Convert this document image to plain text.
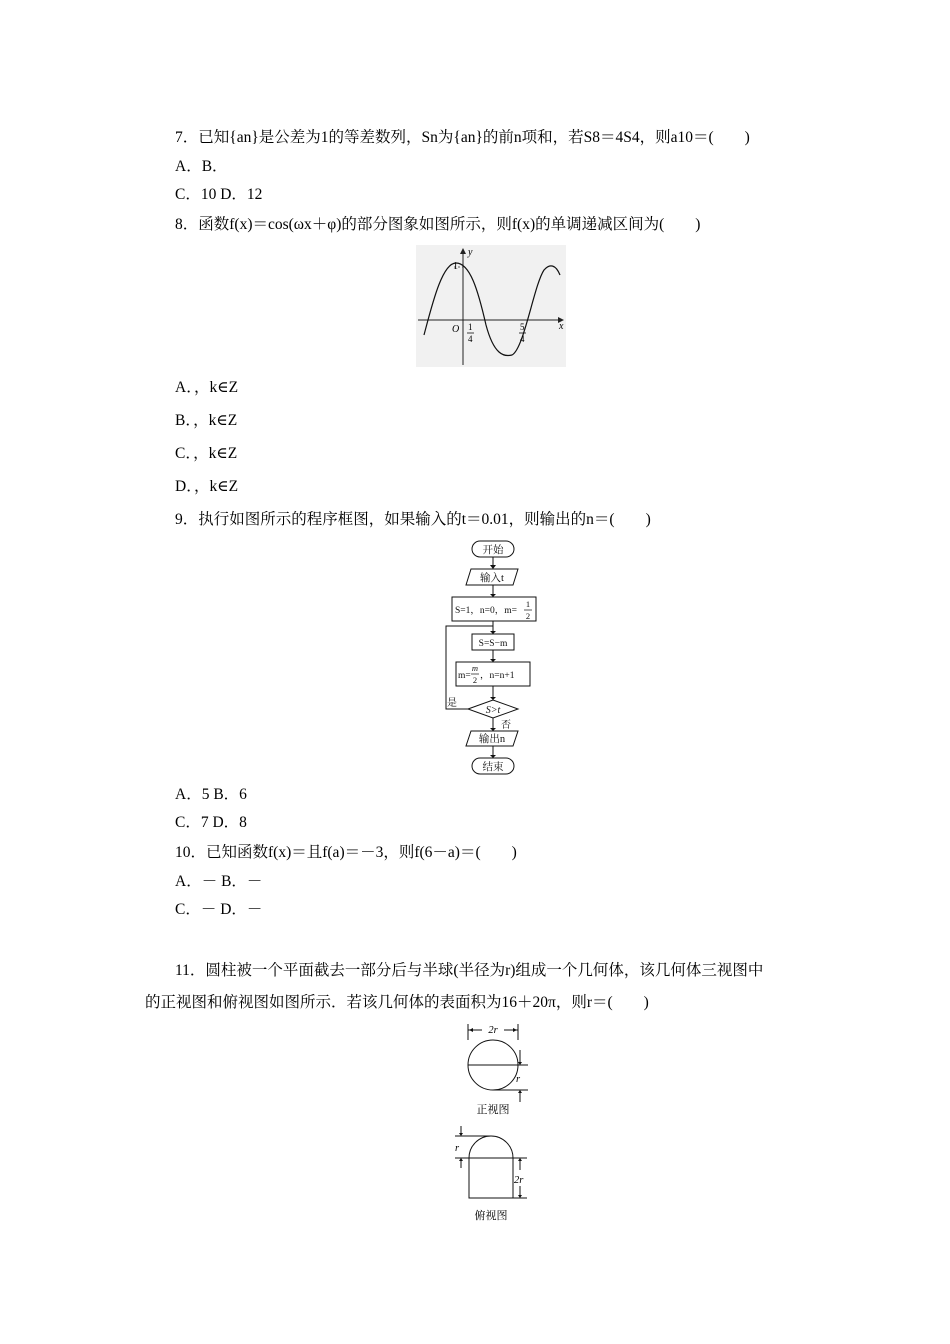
7．已知{an}是公差为1的等差数列，Sn为{an}的前n项和，若S8＝4S4，则a10＝(　　)
A．B．
C．10 D．12
8．函数f(x)＝cos(ωx＋φ)的部分图象如图所示，则f(x)的单调递减区间为(　　)
y
x
1
O 1
4
5
4
A．，k∈Z
B．，k∈Z
C．，k∈Z
D．，k∈Z
9．执行如图所示的程序框图，如果输入的t＝0.01，则输出的n＝(　　)
开始
输入t
S=1，n=0，m=
1
2
S=S−m
m=
m
2 ，n=n+1
S>t
是
否
输出n
结束
A．5 B．6
C．7 D．8
10．已知函数f(x)＝且f(a)＝－3，则f(6－a)＝(　　)
A．－ B．－
C．－ D．－
11．圆柱被一个平面截去一部分后与半球(半径为r)组成一个几何体，该几何体三视图中
的正视图和俯视图如图所示．若该几何体的表面积为16＋20π，则r＝(　　)
2r
r
正视图
r
2r
俯视图
